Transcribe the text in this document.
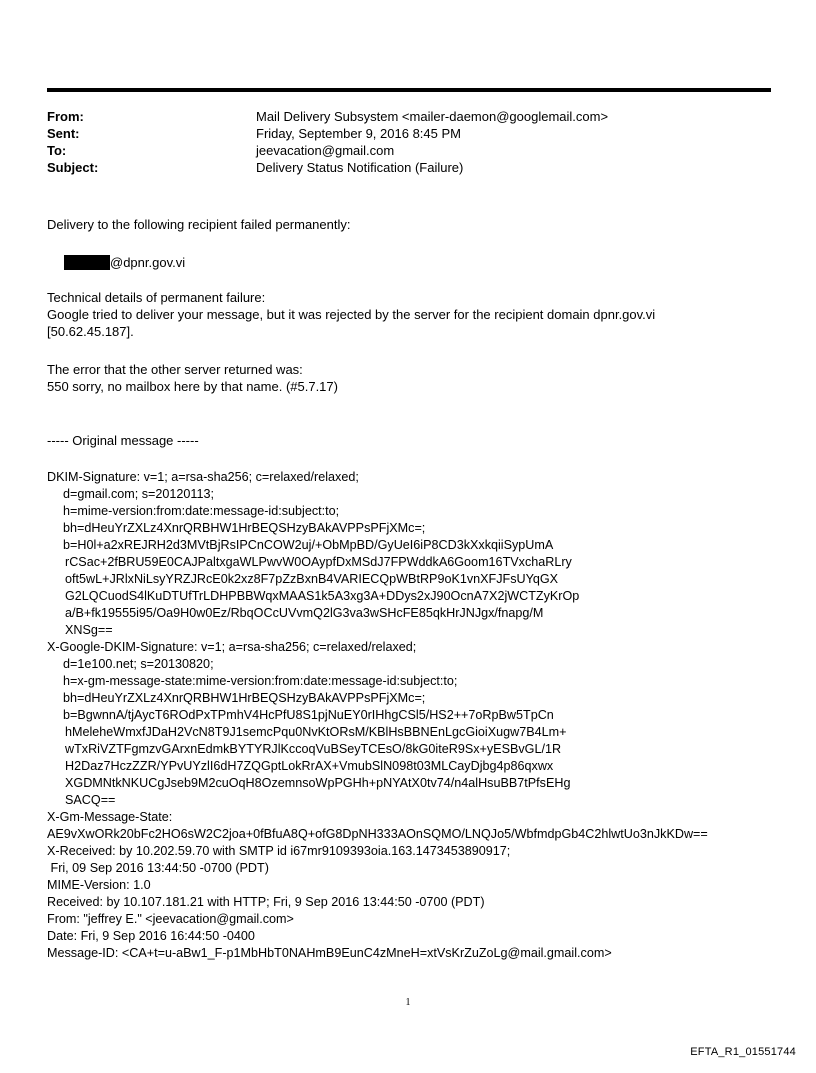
From:	Mail Delivery Subsystem <mailer-daemon@googlemail.com>
Sent:	Friday, September 9, 2016 8:45 PM
To:	jeevacation@gmail.com
Subject:	Delivery Status Notification (Failure)
Delivery to the following recipient failed permanently:
@dpnr.gov.vi
Technical details of permanent failure:
Google tried to deliver your message, but it was rejected by the server for the recipient domain dpnr.gov.vi
[50.62.45.187].
The error that the other server returned was:
550 sorry, no mailbox here by that name. (#5.7.17)
----- Original message -----
DKIM-Signature: v=1; a=rsa-sha256; c=relaxed/relaxed;
d=gmail.com; s=20120113;
h=mime-version:from:date:message-id:subject:to;
bh=dHeuYrZXLz4XnrQRBHW1HrBEQSHzyBAkAVPPsPFjXMc=;
b=H0l+a2xREJRH2d3MVtBjRsIPCnCOW2uj/+ObMpBD/GyUeI6iP8CD3kXxkqiiSypUmA
rCSac+2fBRU59E0CAJPaltxgaWLPwvW0OAypfDxMSdJ7FPWddkA6Goom16TVxchaRLry
oft5wL+JRlxNiLsyYRZJRcE0k2xz8F7pZzBxnB4VARIECQpWBtRP9oK1vnXFJFsUYqGX
G2LQCuodS4lKuDTUfTrLDHPBBWqxMAAS1k5A3xg3A+DDys2xJ90OcnA7X2jWCTZyKrOp
a/B+fk19555i95/Oa9H0w0Ez/RbqOCcUVvmQ2lG3va3wSHcFE85qkHrJNJgx/fnapg/M
XNSg==
X-Google-DKIM-Signature: v=1; a=rsa-sha256; c=relaxed/relaxed;
d=1e100.net; s=20130820;
h=x-gm-message-state:mime-version:from:date:message-id:subject:to;
bh=dHeuYrZXLz4XnrQRBHW1HrBEQSHzyBAkAVPPsPFjXMc=;
b=BgwnnA/tjAycT6ROdPxTPmhV4HcPfU8S1pjNuEY0rIHhgCSl5/HS2++7oRpBw5TpCn
hMeleheWmxfJDaH2VcN8T9J1semcPqu0NvKtORsM/KBlHsBBNEnLgcGioiXugw7B4Lm+
wTxRiVZTFgmzvGArxnEdmkBYTYRJlKccoqVuBSeyTCEsO/8kG0iteR9Sx+yESBvGL/1R
H2Daz7HczZZR/YPvUYzlI6dH7ZQGptLokRrAX+VmubSlN098t03MLCayDjbg4p86qxwx
XGDMNtkNKUCgJseb9M2cuOqH8OzemnsoWpPGHh+pNYAtX0tv74/n4alHsuBB7tPfsEHg
SACQ==
X-Gm-Message-State:
AE9vXwORk20bFc2HO6sW2C2joa+0fBfuA8Q+ofG8DpNH333AOnSQMO/LNQJo5/WbfmdpGb4C2hlwtUo3nJkKDw==
X-Received: by 10.202.59.70 with SMTP id i67mr9109393oia.163.1473453890917;
Fri, 09 Sep 2016 13:44:50 -0700 (PDT)
MIME-Version: 1.0
Received: by 10.107.181.21 with HTTP; Fri, 9 Sep 2016 13:44:50 -0700 (PDT)
From: "jeffrey E." <jeevacation@gmail.com>
Date: Fri, 9 Sep 2016 16:44:50 -0400
Message-ID: <CA+t=u-aBw1_F-p1MbHbT0NAHmB9EunC4zMneH=xtVsKrZuZoLg@mail.gmail.com>
1
EFTA_R1_01551744
